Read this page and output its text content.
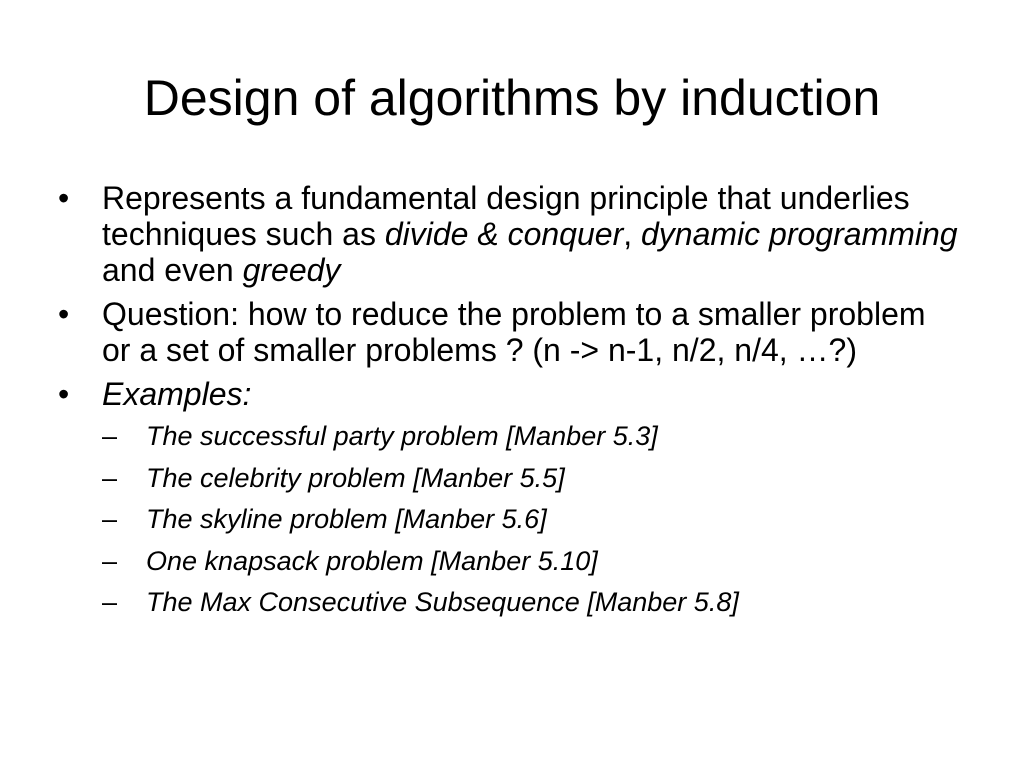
Design of algorithms by induction
•	Represents a fundamental design principle that underlies techniques such as divide & conquer, dynamic programming and even greedy
•	Question: how to reduce the problem to a smaller problem or a set of smaller problems ? (n -> n-1, n/2, n/4, …?)
•	Examples:
–	The successful party problem [Manber 5.3]
–	The celebrity problem [Manber 5.5]
–	The skyline problem [Manber 5.6]
–	One knapsack problem [Manber 5.10]
–	The Max Consecutive Subsequence [Manber 5.8]
